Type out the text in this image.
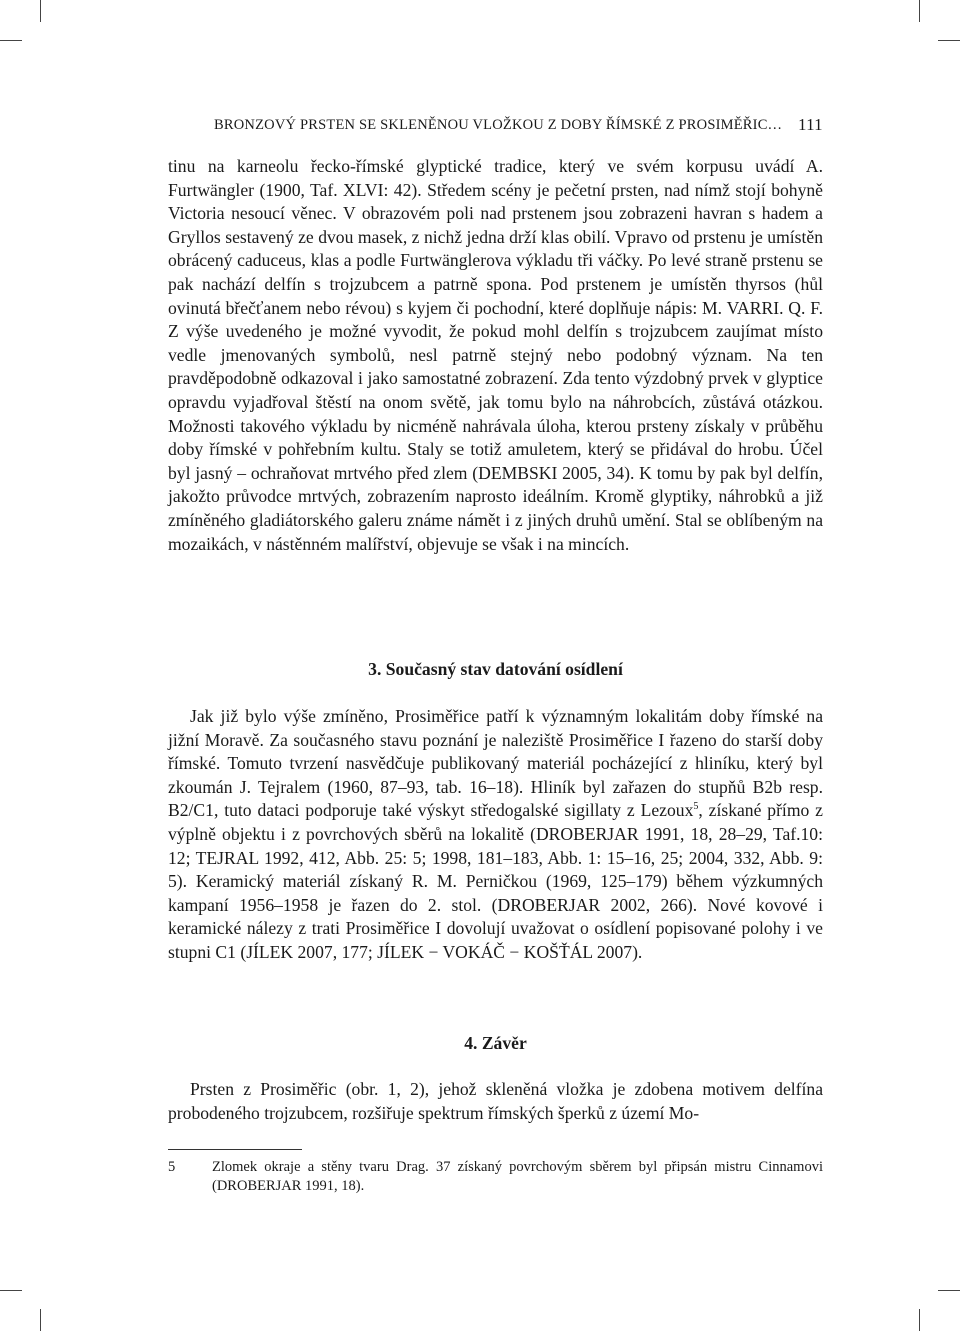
BRONZOVÝ PRSTEN SE SKLENĚNOU VLOŽKOU Z DOBY ŘÍMSKÉ Z PROSIMĚŘIC… 111

tinu na karneolu řecko-římské glyptické tradice, který ve svém korpusu uvádí A. Furtwängler (1900, Taf. XLVI: 42). Středem scény je pečetní prsten, nad nímž stojí bohyně Victoria nesoucí věnec. V obrazovém poli nad prstenem jsou zobrazeni havran s hadem a Gryllos sestavený ze dvou masek, z nichž jedna drží klas obilí. Vpravo od prstenu je umístěn obrácený caduceus, klas a podle Furtwänglerova výkladu tři váčky. Po levé straně prstenu se pak nachází delfín s trojzubcem a patrně spona. Pod prstenem je umístěn thyrsos (hůl ovinutá břečťanem nebo révou) s kyjem či pochodní, které doplňuje nápis: M. VARRI. Q. F. Z výše uvedeného je možné vyvodit, že pokud mohl delfín s trojzubcem zaujímat místo vedle jmenovaných symbolů, nesl patrně stejný nebo podobný význam. Na ten pravděpodobně odkazoval i jako samostatné zobrazení. Zda tento výzdobný prvek v glyptice opravdu vyjadřoval štěstí na onom světě, jak tomu bylo na náhrobcích, zůstává otázkou. Možnosti takového výkladu by nicméně nahrávala úloha, kterou prsteny získaly v průběhu doby římské v pohřebním kultu. Staly se totiž amuletem, který se přidával do hrobu. Účel byl jasný – ochraňovat mrtvého před zlem (DEMBSKI 2005, 34). K tomu by pak byl delfín, jakožto průvodce mrtvých, zobrazením naprosto ideálním. Kromě glyptiky, náhrobků a již zmíněného gladiátorského galeru známe námět i z jiných druhů umění. Stal se oblíbeným na mozaikách, v nástěnném malířství, objevuje se však i na mincích.

3. Současný stav datování osídlení

Jak již bylo výše zmíněno, Prosiměřice patří k významným lokalitám doby římské na jižní Moravě. Za současného stavu poznání je naleziště Prosiměřice I řazeno do starší doby římské. Tomuto tvrzení nasvědčuje publikovaný materiál pocházející z hliníku, který byl zkoumán J. Tejralem (1960, 87–93, tab. 16–18). Hliník byl zařazen do stupňů B2b resp. B2/C1, tuto dataci podporuje také výskyt středogalské sigillaty z Lezoux$^5$, získané přímo z výplně objektu i z povrchových sběrů na lokalitě (DROBERJAR 1991, 18, 28–29, Taf.10: 12; TEJRAL 1992, 412, Abb. 25: 5; 1998, 181–183, Abb. 1: 15–16, 25; 2004, 332, Abb. 9: 5). Keramický materiál získaný R. M. Perničkou (1969, 125–179) během výzkumných kampaní 1956–1958 je řazen do 2. stol. (DROBERJAR 2002, 266). Nové kovové i keramické nálezy z trati Prosiměřice I dovolují uvažovat o osídlení popisované polohy i ve stupni C1 (JÍLEK 2007, 177; JÍLEK − VOKÁČ − KOŠŤÁL 2007).

4. Závěr

Prsten z Prosiměřic (obr. 1, 2), jehož skleněná vložka je zdobena motivem delfína probodeného trojzubcem, rozšiřuje spektrum římských šperků z území Mo-

5	Zlomek okraje a stěny tvaru Drag. 37 získaný povrchovým sběrem byl připsán mistru Cinnamovi (DROBERJAR 1991, 18).
